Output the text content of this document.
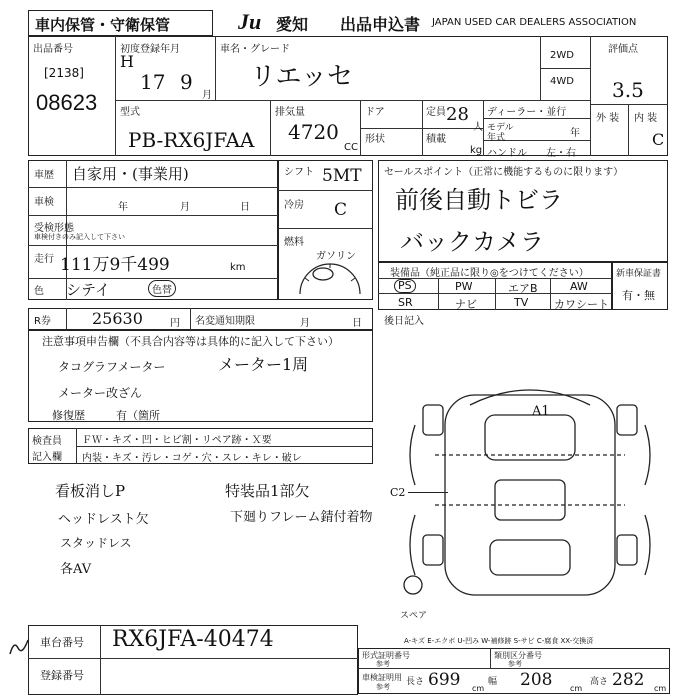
車内保管・守衛保管	Ju 愛知 出品申込書 JAPAN USED CAR DEALERS ASSOCIATION
出品番号
[2138]
08623
初度登録年月
H
17 9
月
車名・グレード
リエッセ
2WD
4WD
評価点
3.5
外 装 内 装
C
型式
PB-RX6JFAA
排気量
4720
CC
ドア
形状
定員 28
人
積載
kg
ディーラー・並行
モデル
年式	年
ハンドル 左・右
車歴 自家用・(事業用)
車検	年	月	日
受検形態
車検付きのみ記入して下さい
走行 111万9千499	km
色 シテイ	色替
シフト 5MT
冷房 C
燃料
ガソリン
セールスポイント（正常に機能するものに限ります）
前後自動トビラ
バックカメラ
装備品（純正品に限り◎をつけてください）
PS	PW	エアB	AW
SR	ナビ	TV カワシート
新車保証書
有・無
R券	25630	円 名変通知期限	月	日 後日記入
注意事項申告欄（不具合内容等は具体的に記入して下さい）
タコグラフメーター	メーター1周
メーター改ざん
修復歴	有（箇所
検査員
記入欄
ＦＷ・キズ・凹・ヒビ割・リペア跡・Ｘ要
内装・キズ・汚レ・コゲ・穴・スレ・キレ・破レ
看板消しP	特装品1部欠
ヘッドレスト欠	下廻りフレーム錆付着物
スタッドレス
各AV
A1
C2
スペア
A-キズ E-エクボ U-凹み W-補修跡 S-サビ C-腐食 XX-交換済
車台番号 RX6JFA-40474
登録番号
形式証明番号
参考
類別区分番号
参考
車検証明用
参考 長さ 699 cm
幅 208 cm
高さ 282 cm
